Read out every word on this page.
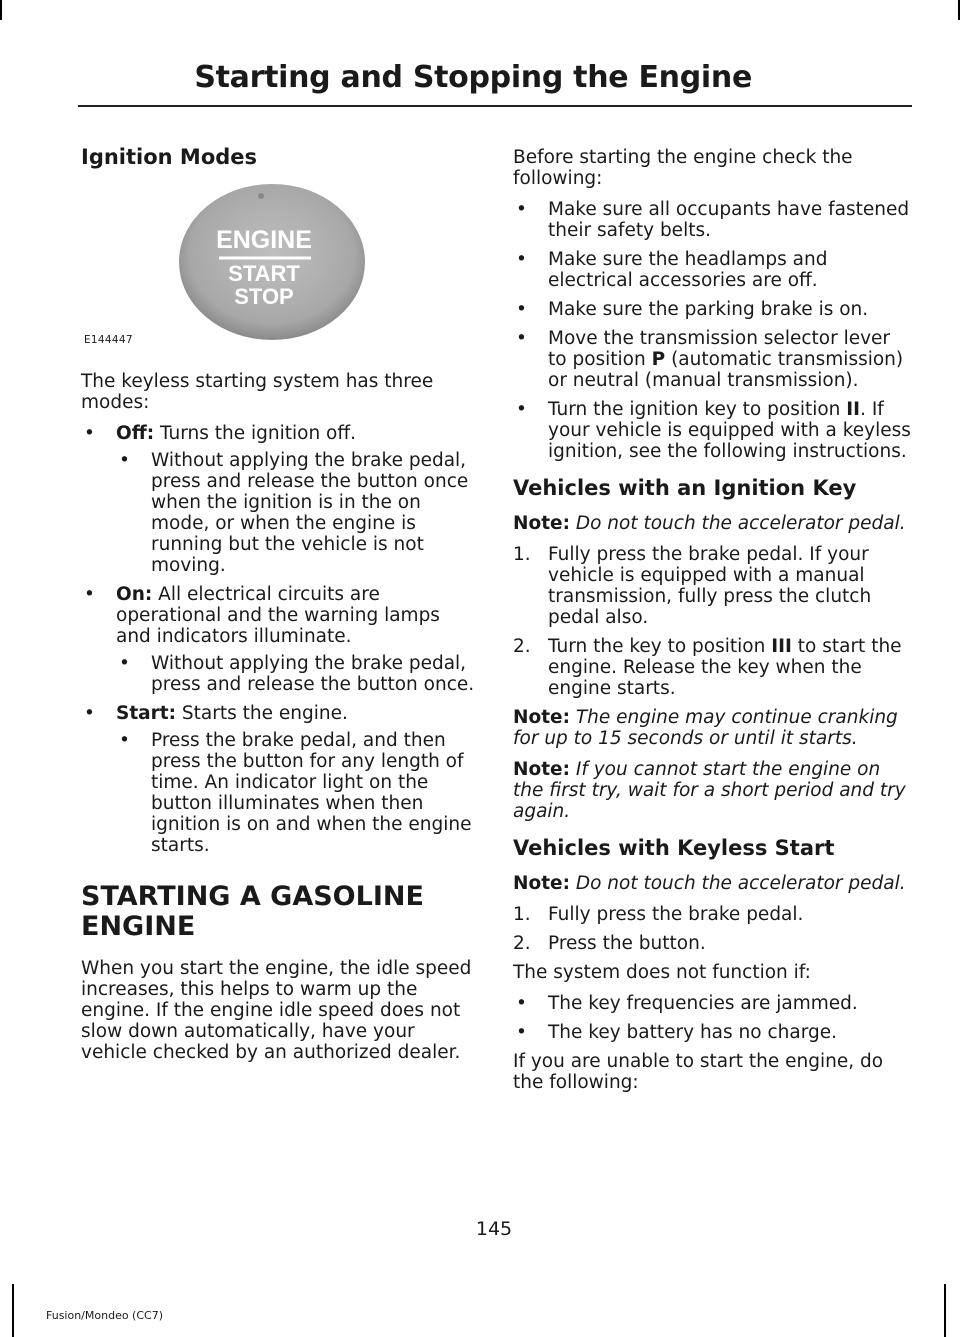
Starting and Stopping the Engine
Ignition Modes
ENGINE
START
STOP
E144447

The keyless starting system has three modes:

• Off: Turns the ignition off.
• Without applying the brake pedal, press and release the button once when the ignition is in the on mode, or when the engine is running but the vehicle is not moving.
• On: All electrical circuits are operational and the warning lamps and indicators illuminate.
• Without applying the brake pedal, press and release the button once.
• Start: Starts the engine.
• Press the brake pedal, and then press the button for any length of time. An indicator light on the button illuminates when then ignition is on and when the engine starts.
STARTING A GASOLINE
ENGINE

When you start the engine, the idle speed increases, this helps to warm up the engine. If the engine idle speed does not slow down automatically, have your vehicle checked by an authorized dealer.

Before starting the engine check the following:

• Make sure all occupants have fastened their safety belts.
• Make sure the headlamps and electrical accessories are off.
• Make sure the parking brake is on.
• Move the transmission selector lever to position P (automatic transmission) or neutral (manual transmission).
• Turn the ignition key to position II. If your vehicle is equipped with a keyless ignition, see the following instructions.
Vehicles with an Ignition Key

Note: Do not touch the accelerator pedal.

1. Fully press the brake pedal. If your vehicle is equipped with a manual transmission, fully press the clutch pedal also.
2. Turn the key to position III to start the engine. Release the key when the engine starts.

Note: The engine may continue cranking for up to 15 seconds or until it starts.

Note: If you cannot start the engine on the first try, wait for a short period and try again.

Vehicles with Keyless Start

Note: Do not touch the accelerator pedal.

1. Fully press the brake pedal.
2. Press the button.

The system does not function if:

• The key frequencies are jammed.
• The key battery has no charge.

If you are unable to start the engine, do the following:

145
Fusion/Mondeo (CC7)
